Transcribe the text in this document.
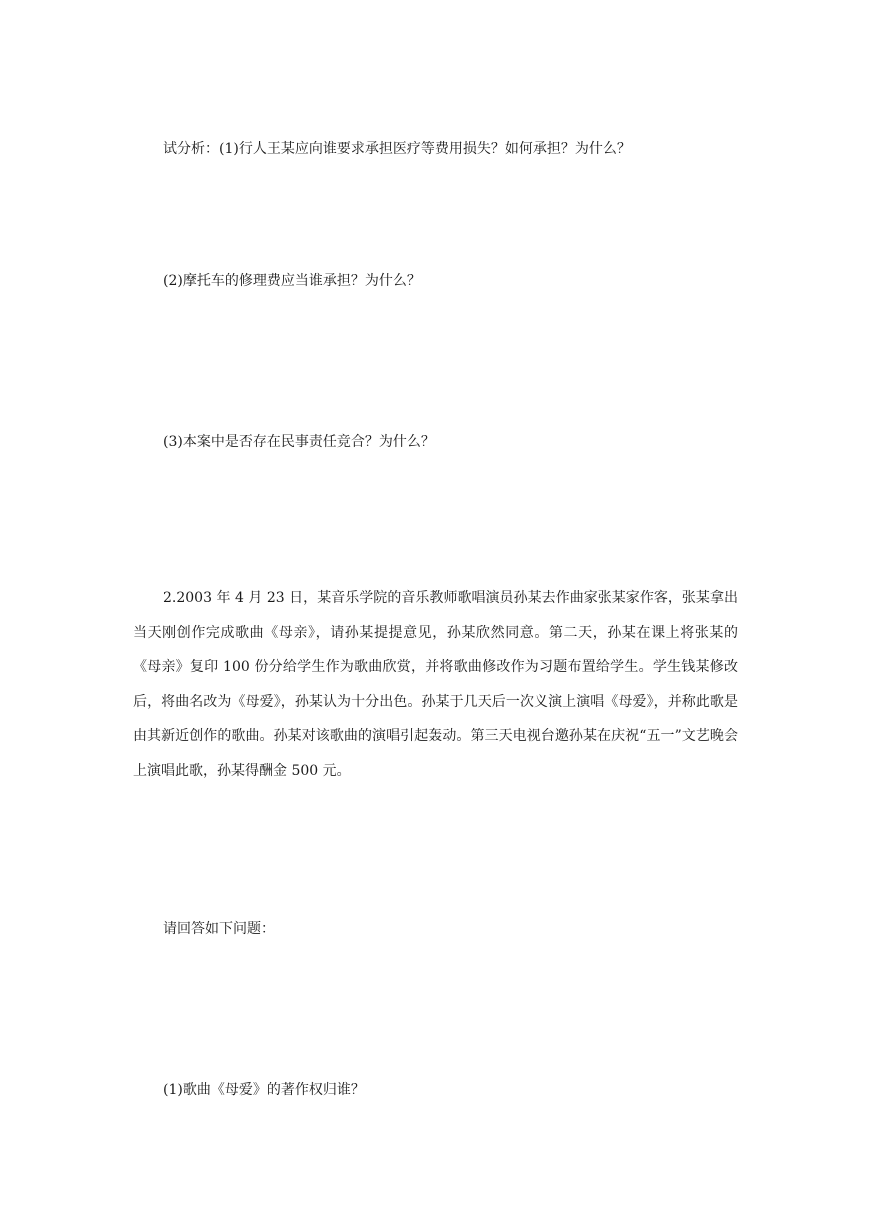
试分析：(1)行人王某应向谁要求承担医疗等费用损失？如何承担？为什么？

(2)摩托车的修理费应当谁承担？为什么？

(3)本案中是否存在民事责任竞合？为什么？

2.2003 年 4 月 23 日，某音乐学院的音乐教师歌唱演员孙某去作曲家张某家作客，张某拿出当天刚创作完成歌曲《母亲》，请孙某提提意见，孙某欣然同意。第二天，孙某在课上将张某的《母亲》复印 100 份分给学生作为歌曲欣赏，并将歌曲修改作为习题布置给学生。学生钱某修改后，将曲名改为《母爱》，孙某认为十分出色。孙某于几天后一次义演上演唱《母爱》，并称此歌是由其新近创作的歌曲。孙某对该歌曲的演唱引起轰动。第三天电视台邀孙某在庆祝“五一”文艺晚会上演唱此歌，孙某得酬金 500 元。

请回答如下问题：

(1)歌曲《母爱》的著作权归谁？
